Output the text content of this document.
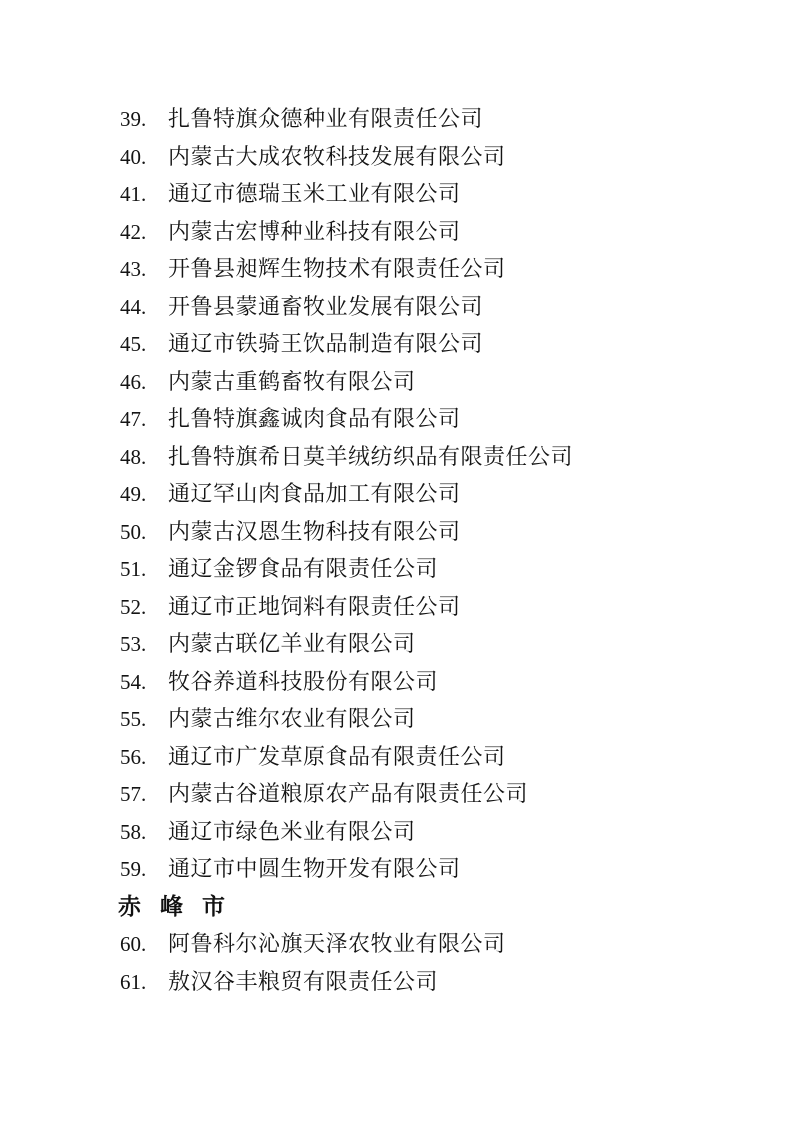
39. 扎鲁特旗众德种业有限责任公司
40. 内蒙古大成农牧科技发展有限公司
41. 通辽市德瑞玉米工业有限公司
42. 内蒙古宏博种业科技有限公司
43. 开鲁县昶辉生物技术有限责任公司
44. 开鲁县蒙通畜牧业发展有限公司
45. 通辽市铁骑王饮品制造有限公司
46. 内蒙古重鹤畜牧有限公司
47. 扎鲁特旗鑫诚肉食品有限公司
48. 扎鲁特旗希日莫羊绒纺织品有限责任公司
49. 通辽罕山肉食品加工有限公司
50. 内蒙古汉恩生物科技有限公司
51. 通辽金锣食品有限责任公司
52. 通辽市正地饲料有限责任公司
53. 内蒙古联亿羊业有限公司
54. 牧谷养道科技股份有限公司
55. 内蒙古维尔农业有限公司
56. 通辽市广发草原食品有限责任公司
57. 内蒙古谷道粮原农产品有限责任公司
58. 通辽市绿色米业有限公司
59. 通辽市中圆生物开发有限公司
赤峰市
60. 阿鲁科尔沁旗天泽农牧业有限公司
61. 敖汉谷丰粮贸有限责任公司
